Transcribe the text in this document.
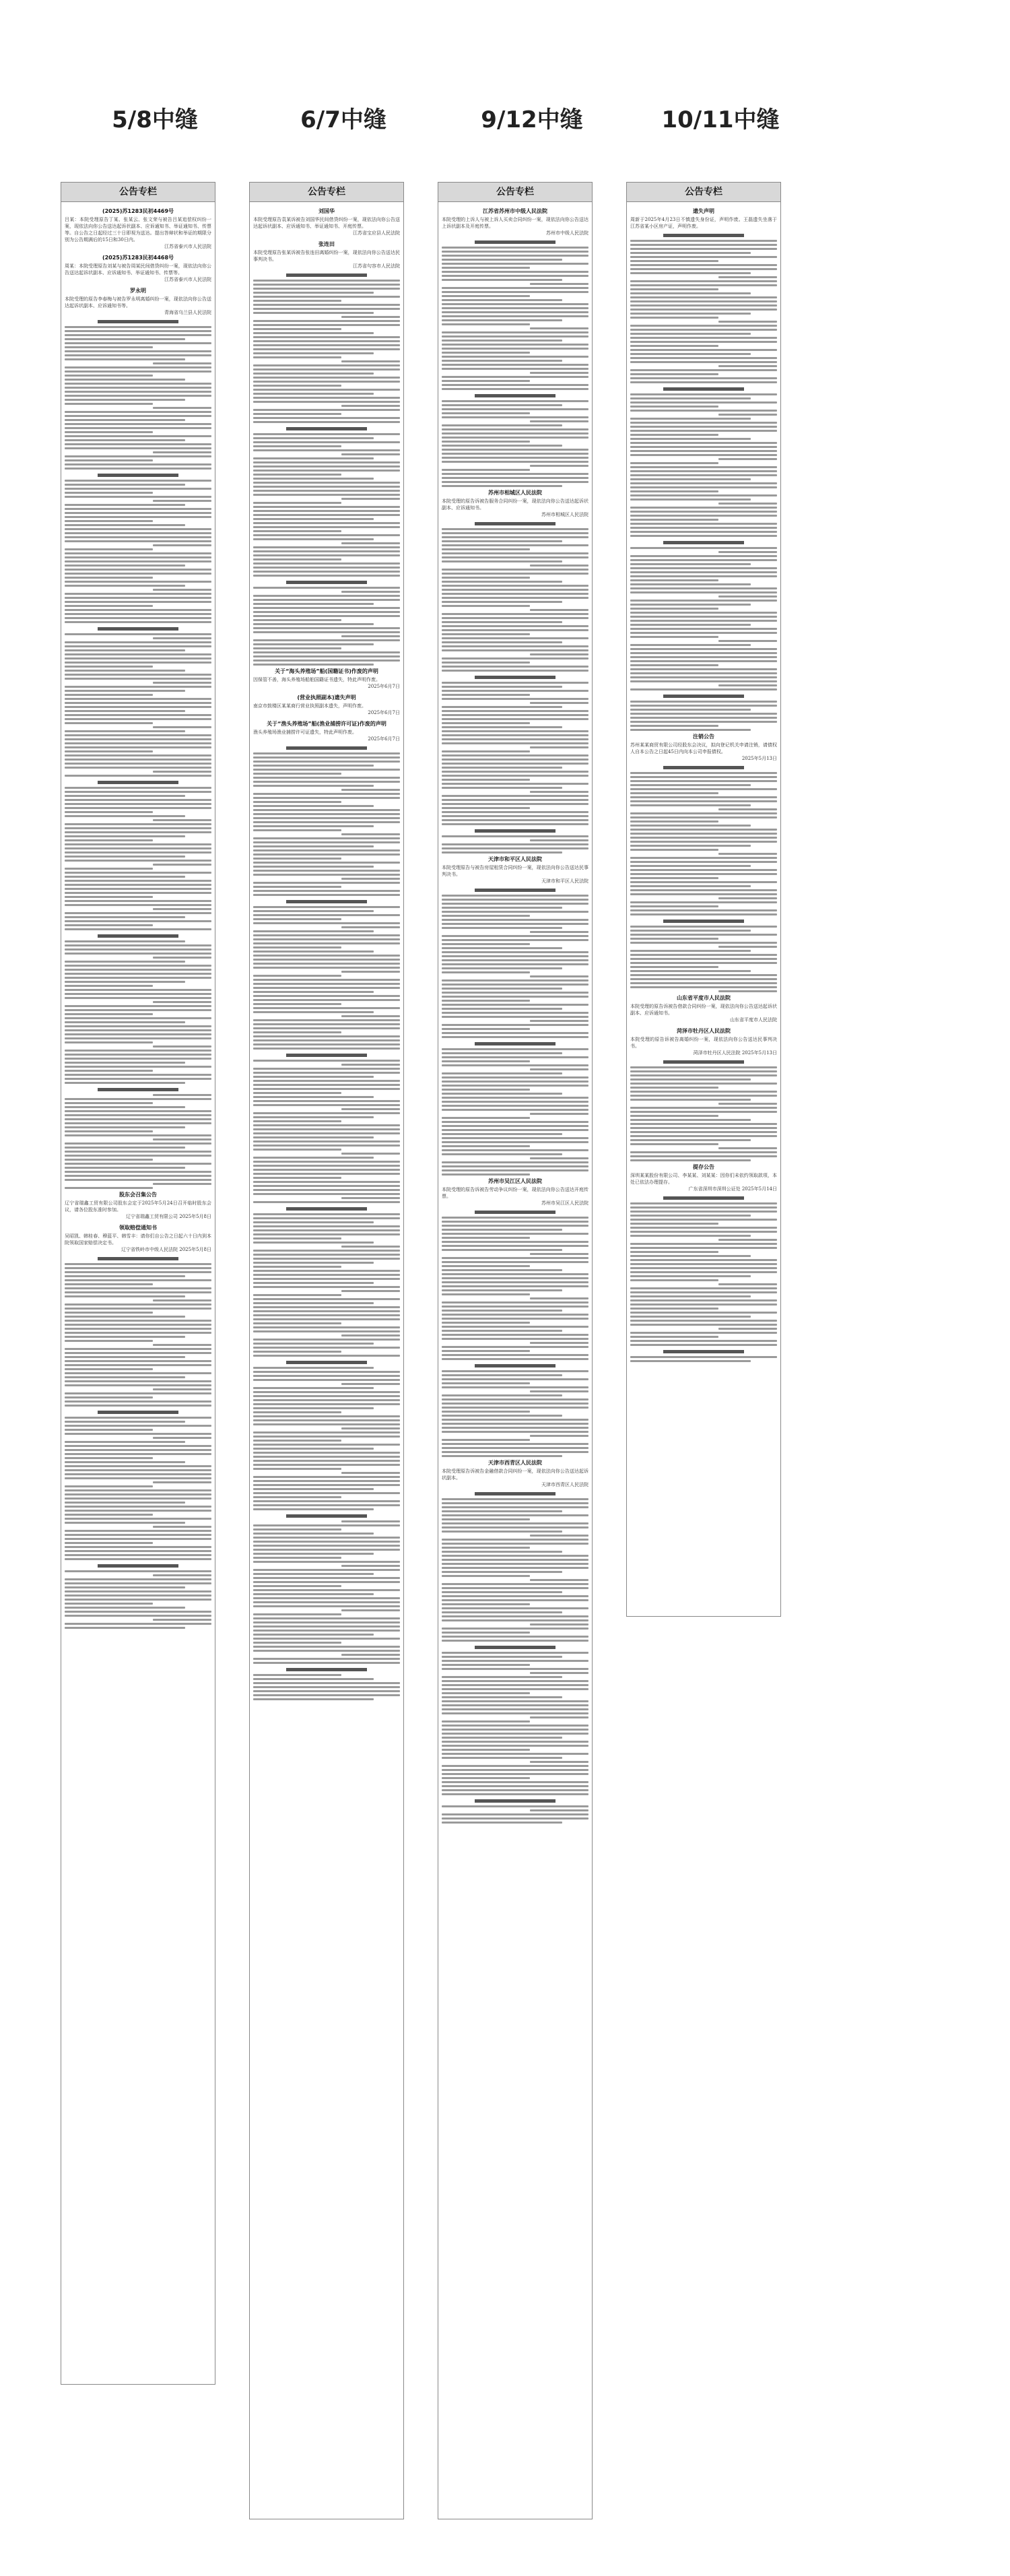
5/8中缝	6/7中缝	9/12中缝	10/11中缝
公告专栏
(2025)苏1283民初4469号
吕某：本院受理原告丁某、张某云、张文荣与被告吕某追偿权纠纷一案，现依法向你公告送达起诉状副本、应诉通知书、举证通知书、传票等。自公告之日起经过三十日即视为送达。提出答辩状和举证的期限分别为公告期满后的15日和30日内。
江苏省泰兴市人民法院
(2025)苏1283民初4468号
周某：本院受理原告刘某与被告周某民间借贷纠纷一案，现依法向你公告送达起诉状副本、应诉通知书、举证通知书、传票等。
江苏省泰兴市人民法院
罗永明
本院受理的原告李春梅与被告罗永明离婚纠纷一案，现依法向你公告送达起诉状副本、应诉通知书等。
青海省乌兰县人民法院
股东会召集公告
辽宁省瑞鑫工贸有限公司股东会定于2025年5月24日召开临时股东会议，请各位股东准时参加。
辽宁省瑞鑫工贸有限公司 2025年5月8日
领取赔偿通知书
吴昭凯、韩桂春、穆蓝平、韩雪丰：请你们自公告之日起六十日内到本院领取国家赔偿决定书。
辽宁省铁岭市中级人民法院 2025年5月8日
公告专栏
刘国华
本院受理原告袁某诉被告刘国华民间借贷纠纷一案，现依法向你公告送达起诉状副本、应诉通知书、举证通知书、开庭传票。
江苏省宝应县人民法院
张连田
本院受理原告张某诉被告张连田离婚纠纷一案，现依法向你公告送达民事判决书。
江苏省句容市人民法院
关于“海头养殖场”船(国籍证书)作废的声明
因保管不善，海头养殖场船舶国籍证书遗失，特此声明作废。
2025年6月7日
(营业执照副本)遗失声明
南京市鼓楼区某某商行营业执照副本遗失，声明作废。
2025年6月7日
关于“渔头养殖场”船(渔业捕捞许可证)作废的声明
渔头养殖场渔业捕捞许可证遗失，特此声明作废。
2025年6月7日
公告专栏
江苏省苏州市中级人民法院
本院受理的上诉人与被上诉人买卖合同纠纷一案，现依法向你公告送达上诉状副本及开庭传票。
苏州市中级人民法院
苏州市相城区人民法院
本院受理的原告诉被告服务合同纠纷一案，现依法向你公告送达起诉状副本、应诉通知书。
苏州市相城区人民法院
天津市和平区人民法院
本院受理原告与被告房屋租赁合同纠纷一案，现依法向你公告送达民事判决书。
天津市和平区人民法院
苏州市吴江区人民法院
本院受理的原告诉被告劳动争议纠纷一案，现依法向你公告送达开庭传票。
苏州市吴江区人民法院
天津市西青区人民法院
本院受理原告诉被告金融借款合同纠纷一案，现依法向你公告送达起诉状副本。
天津市西青区人民法院
公告专栏
遗失声明
周新于2025年4月23日不慎遗失身份证，声明作废。王磊遗失坐落于江苏省某小区房产证，声明作废。
注销公告
苏州某某商贸有限公司经股东会决议，拟向登记机关申请注销，请债权人自本公告之日起45日内向本公司申报债权。
2025年5月13日
山东省平度市人民法院
本院受理的原告诉被告借款合同纠纷一案，现依法向你公告送达起诉状副本、应诉通知书。
山东省平度市人民法院
菏泽市牡丹区人民法院
本院受理的原告诉被告离婚纠纷一案，现依法向你公告送达民事判决书。
菏泽市牡丹区人民法院 2025年5月13日
提存公告
深圳某某股份有限公司、李某某、刘某某：因你们未依约领取款项，本处已依法办理提存。
广东省深圳市深圳公证处 2025年5月14日
